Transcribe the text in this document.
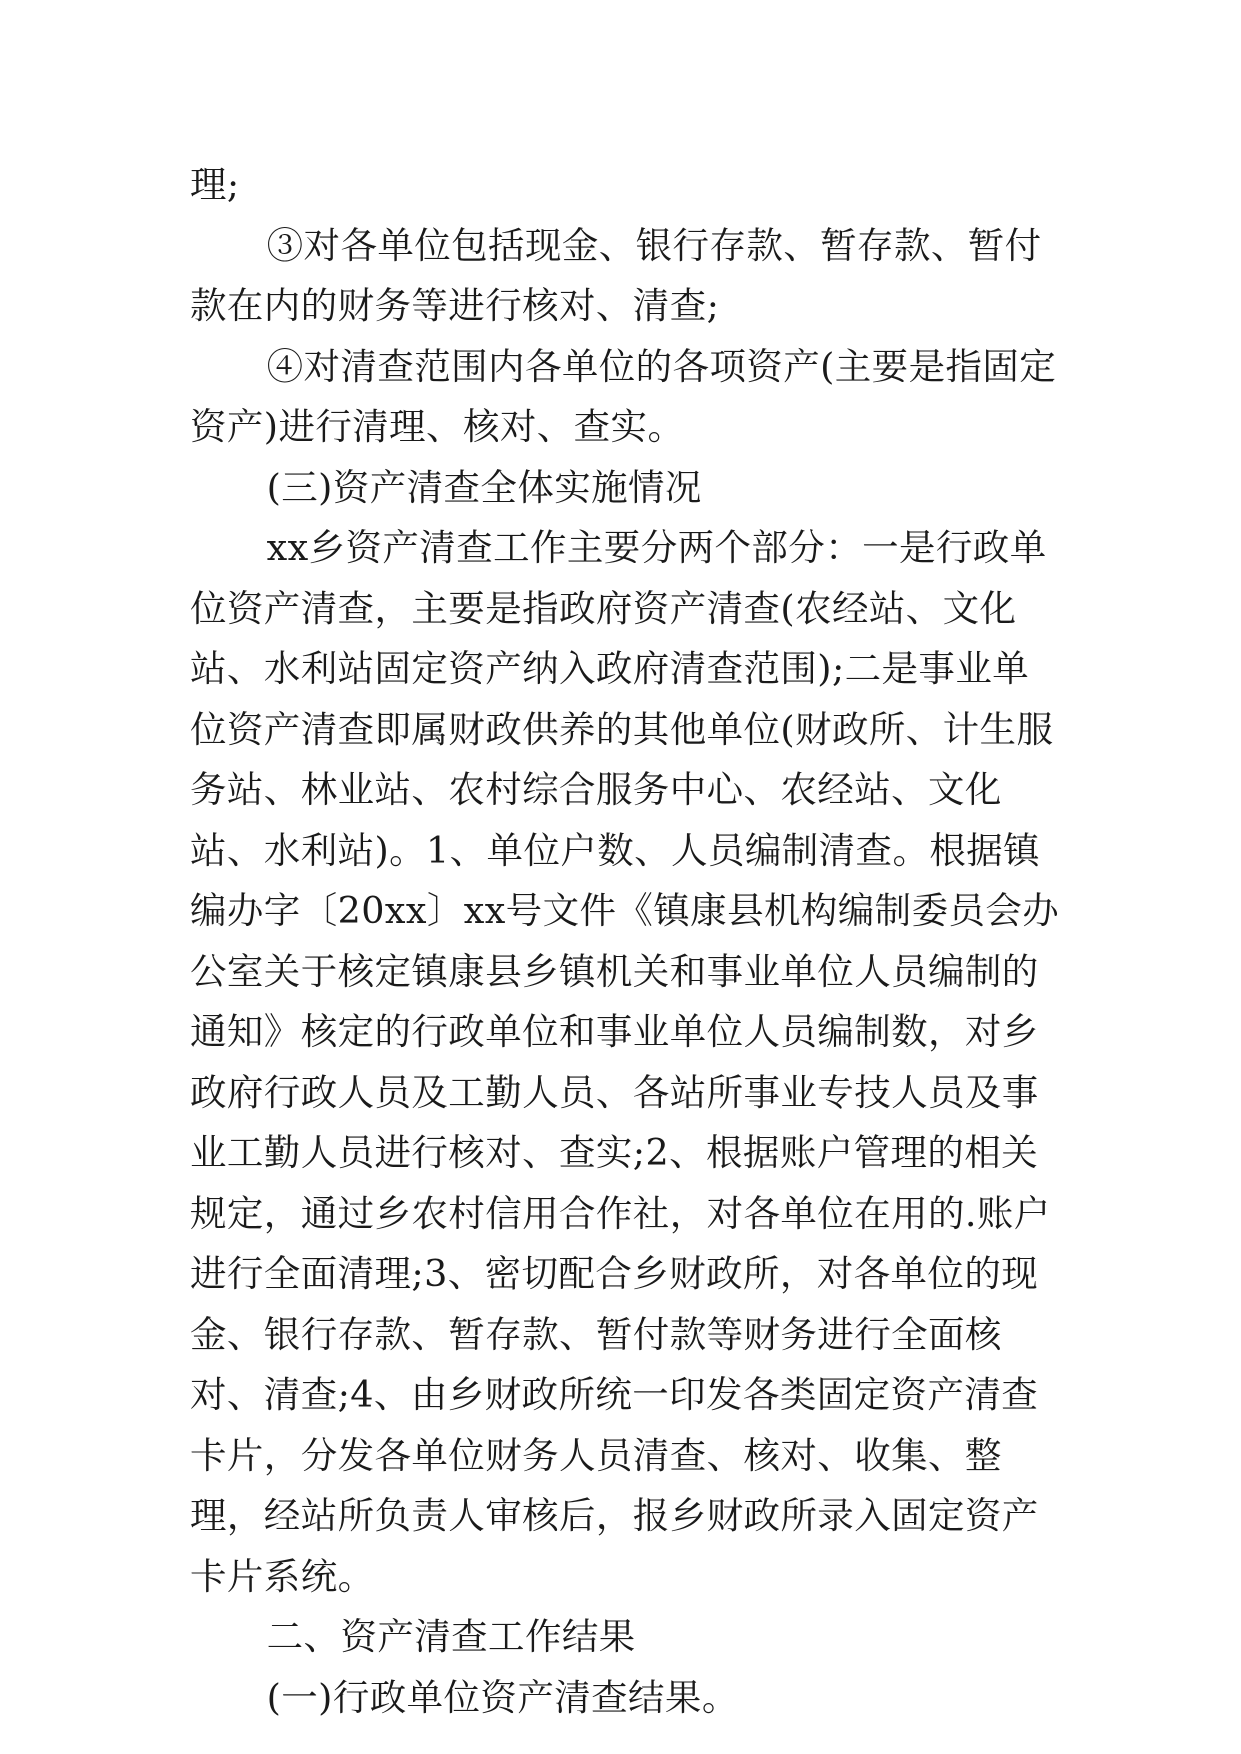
理;

③对各单位包括现金、银行存款、暂存款、暂付款在内的财务等进行核对、清查;

④对清查范围内各单位的各项资产(主要是指固定资产)进行清理、核对、查实。

(三)资产清查全体实施情况

xx乡资产清查工作主要分两个部分：一是行政单位资产清查，主要是指政府资产清查(农经站、文化站、水利站固定资产纳入政府清查范围);二是事业单位资产清查即属财政供养的其他单位(财政所、计生服务站、林业站、农村综合服务中心、农经站、文化站、水利站)。1、单位户数、人员编制清查。根据镇编办字〔20xx〕xx号文件《镇康县机构编制委员会办公室关于核定镇康县乡镇机关和事业单位人员编制的通知》核定的行政单位和事业单位人员编制数，对乡政府行政人员及工勤人员、各站所事业专技人员及事业工勤人员进行核对、查实;2、根据账户管理的相关规定，通过乡农村信用合作社，对各单位在用的.账户进行全面清理;3、密切配合乡财政所，对各单位的现金、银行存款、暂存款、暂付款等财务进行全面核对、清查;4、由乡财政所统一印发各类固定资产清查卡片，分发各单位财务人员清查、核对、收集、整理，经站所负责人审核后，报乡财政所录入固定资产卡片系统。

二、资产清查工作结果

(一)行政单位资产清查结果。
